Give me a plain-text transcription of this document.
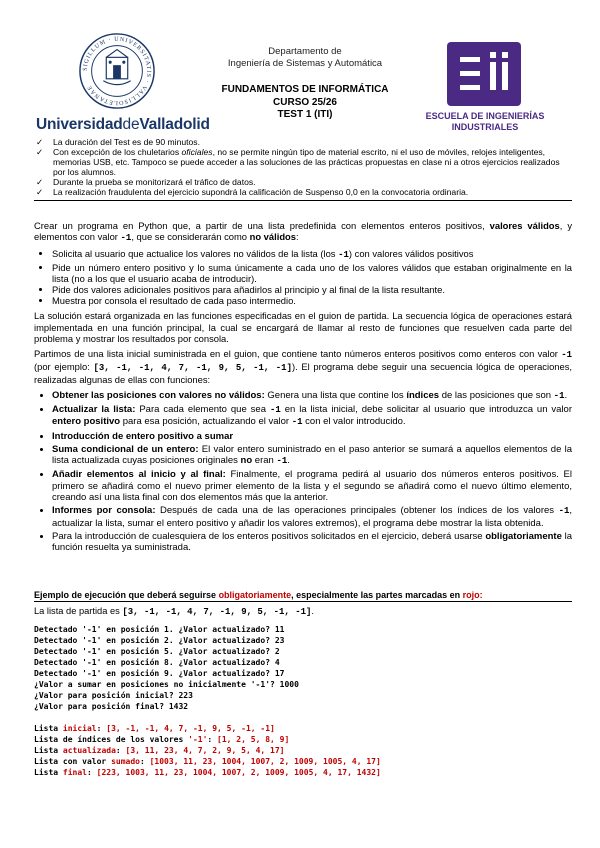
SIGILLUM · UNIVERSITATIS · VALLISOLETANAE
UniversidaddeValladolid
Departamento de
Ingeniería de Sistemas y Automática
FUNDAMENTOS DE INFORMÁTICA
CURSO 25/26
TEST 1 (ITI)	ESCUELA DE INGENIERÍAS
INDUSTRIALES
✓	La duración del Test es de 90 minutos.
✓	Con excepción de los chuletarios oficiales, no se permite ningún tipo de material escrito, ni el uso de móviles, relojes inteligentes, memorias USB, etc. Tampoco se puede acceder a las soluciones de las prácticas propuestas en clase ni a otros ejercicios realizados por los alumnos.
✓	Durante la prueba se monitorizará el tráfico de datos.
✓	La realización fraudulenta del ejercicio supondrá la calificación de Suspenso 0,0 en la convocatoria ordinaria.

Crear un programa en Python que, a partir de una lista predefinida con elementos enteros positivos, valores válidos, y elementos con valor -1, que se considerarán como no válidos:

• Solicita al usuario que actualice los valores no válidos de la lista (los -1) con valores válidos positivos
• Pide un número entero positivo y lo suma únicamente a cada uno de los valores válidos que estaban originalmente en la lista (no a los que el usuario acaba de introducir).
• Pide dos valores adicionales positivos para añadirlos al principio y al final de la lista resultante.
• Muestra por consola el resultado de cada paso intermedio.

La solución estará organizada en las funciones especificadas en el guion de partida. La secuencia lógica de operaciones estará implementada en una función principal, la cual se encargará de llamar al resto de funciones que resuelven cada parte del problema y mostrar los resultados por consola.

Partimos de una lista inicial suministrada en el guion, que contiene tanto números enteros positivos como enteros con valor -1 (por ejemplo: [3, -1, -1, 4, 7, -1, 9, 5, -1, -1]). El programa debe seguir una secuencia lógica de operaciones, realizadas algunas de ellas con funciones:

• Obtener las posiciones con valores no válidos: Genera una lista que contine los índices de las posiciones que son -1.
• Actualizar la lista: Para cada elemento que sea -1 en la lista inicial, debe solicitar al usuario que introduzca un valor entero positivo para esa posición, actualizando el valor -1 con el valor introducido.
• Introducción de entero positivo a sumar
• Suma condicional de un entero: El valor entero suministrado en el paso anterior se sumará a aquellos elementos de la lista actualizada cuyas posiciones originales no eran -1.
• Añadir elementos al inicio y al final: Finalmente, el programa pedirá al usuario dos números enteros positivos. El primero se añadirá como el nuevo primer elemento de la lista y el segundo se añadirá como el nuevo último elemento, creando así una lista final con dos elementos más que la anterior.
• Informes por consola: Después de cada una de las operaciones principales (obtener los índices de los valores -1, actualizar la lista, sumar el entero positivo y añadir los valores extremos), el programa debe mostrar la lista obtenida.
• Para la introducción de cualesquiera de los enteros positivos solicitados en el ejercicio, deberá usarse obligatoriamente la función resuelta ya suministrada.
Ejemplo de ejecución que deberá seguirse obligatoriamente, especialmente las partes marcadas en rojo:
La lista de partida es [3, -1, -1, 4, 7, -1, 9, 5, -1, -1].
Detectado '-1' en posición 1. ¿Valor actualizado? 11
Detectado '-1' en posición 2. ¿Valor actualizado? 23
Detectado '-1' en posición 5. ¿Valor actualizado? 2
Detectado '-1' en posición 8. ¿Valor actualizado? 4
Detectado '-1' en posición 9. ¿Valor actualizado? 17
¿Valor a sumar en posiciones no inicialmente '-1'? 1000
¿Valor para posición inicial? 223
¿Valor para posición final? 1432
Lista inicial: [3, -1, -1, 4, 7, -1, 9, 5, -1, -1]
Lista de índices de los valores '-1': [1, 2, 5, 8, 9]
Lista actualizada: [3, 11, 23, 4, 7, 2, 9, 5, 4, 17]
Lista con valor sumado: [1003, 11, 23, 1004, 1007, 2, 1009, 1005, 4, 17]
Lista final: [223, 1003, 11, 23, 1004, 1007, 2, 1009, 1005, 4, 17, 1432]
